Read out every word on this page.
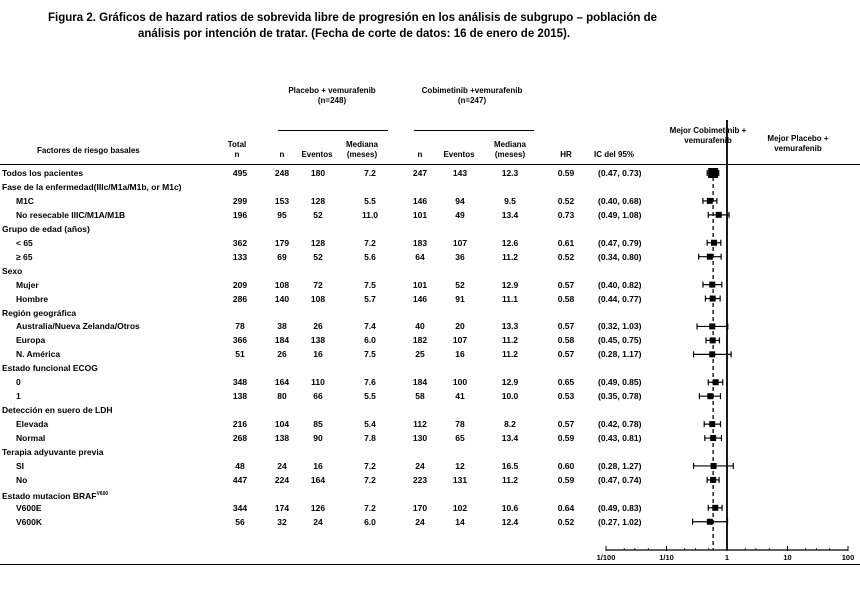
Figura 2. Gráficos de hazard ratios de sobrevida libre de progresión en los análisis de subgrupo – población de
análisis por intención de tratar. (Fecha de corte de datos: 16 de enero de 2015).
Placebo + vemurafenib
(n=248)
Cobimetinib +vemurafenib
(n=247)
Factores de riesgo basales
Total
n	n	Eventos
Mediana
(meses)	n	Eventos
Mediana
(meses)	HR	IC del 95%
Mejor Cobimetinib + vemurafenib	Mejor Placebo + vemurafenib
Todos los pacientes	495	248	180	7.2	247	143	12.3	0.59	(0.47, 0.73)
Fase de la enfermedad(IIIc/M1a/M1b, or M1c)
M1C	299	153	128	5.5	146	94	9.5	0.52	(0.40, 0.68)
No resecable IIIC/M1A/M1B	196	95	52	11.0	101	49	13.4	0.73	(0.49, 1.08)
Grupo de edad (años)
< 65	362	179	128	7.2	183	107	12.6	0.61	(0.47, 0.79)
≥ 65	133	69	52	5.6	64	36	11.2	0.52	(0.34, 0.80)
Sexo
Mujer	209	108	72	7.5	101	52	12.9	0.57	(0.40, 0.82)
Hombre	286	140	108	5.7	146	91	11.1	0.58	(0.44, 0.77)
Región geográfica
Australia/Nueva Zelanda/Otros	78	38	26	7.4	40	20	13.3	0.57	(0.32, 1.03)
Europa	366	184	138	6.0	182	107	11.2	0.58	(0.45, 0.75)
N. América	51	26	16	7.5	25	16	11.2	0.57	(0.28, 1.17)
Estado funcional ECOG
0	348	164	110	7.6	184	100	12.9	0.65	(0.49, 0.85)
1	138	80	66	5.5	58	41	10.0	0.53	(0.35, 0.78)
Detección en suero de LDH
Elevada	216	104	85	5.4	112	78	8.2	0.57	(0.42, 0.78)
Normal	268	138	90	7.8	130	65	13.4	0.59	(0.43, 0.81)
Terapia adyuvante previa
SI	48	24	16	7.2	24	12	16.5	0.60	(0.28, 1.27)
No	447	224	164	7.2	223	131	11.2	0.59	(0.47, 0.74)
Estado mutacion $BRAF^{V600}$
V600E	344	174	126	7.2	170	102	10.6	0.64	(0.49, 0.83)
V600K	56	32	24	6.0	24	14	12.4	0.52	(0.27, 1.02)
1/100	1/10	1	10	100
